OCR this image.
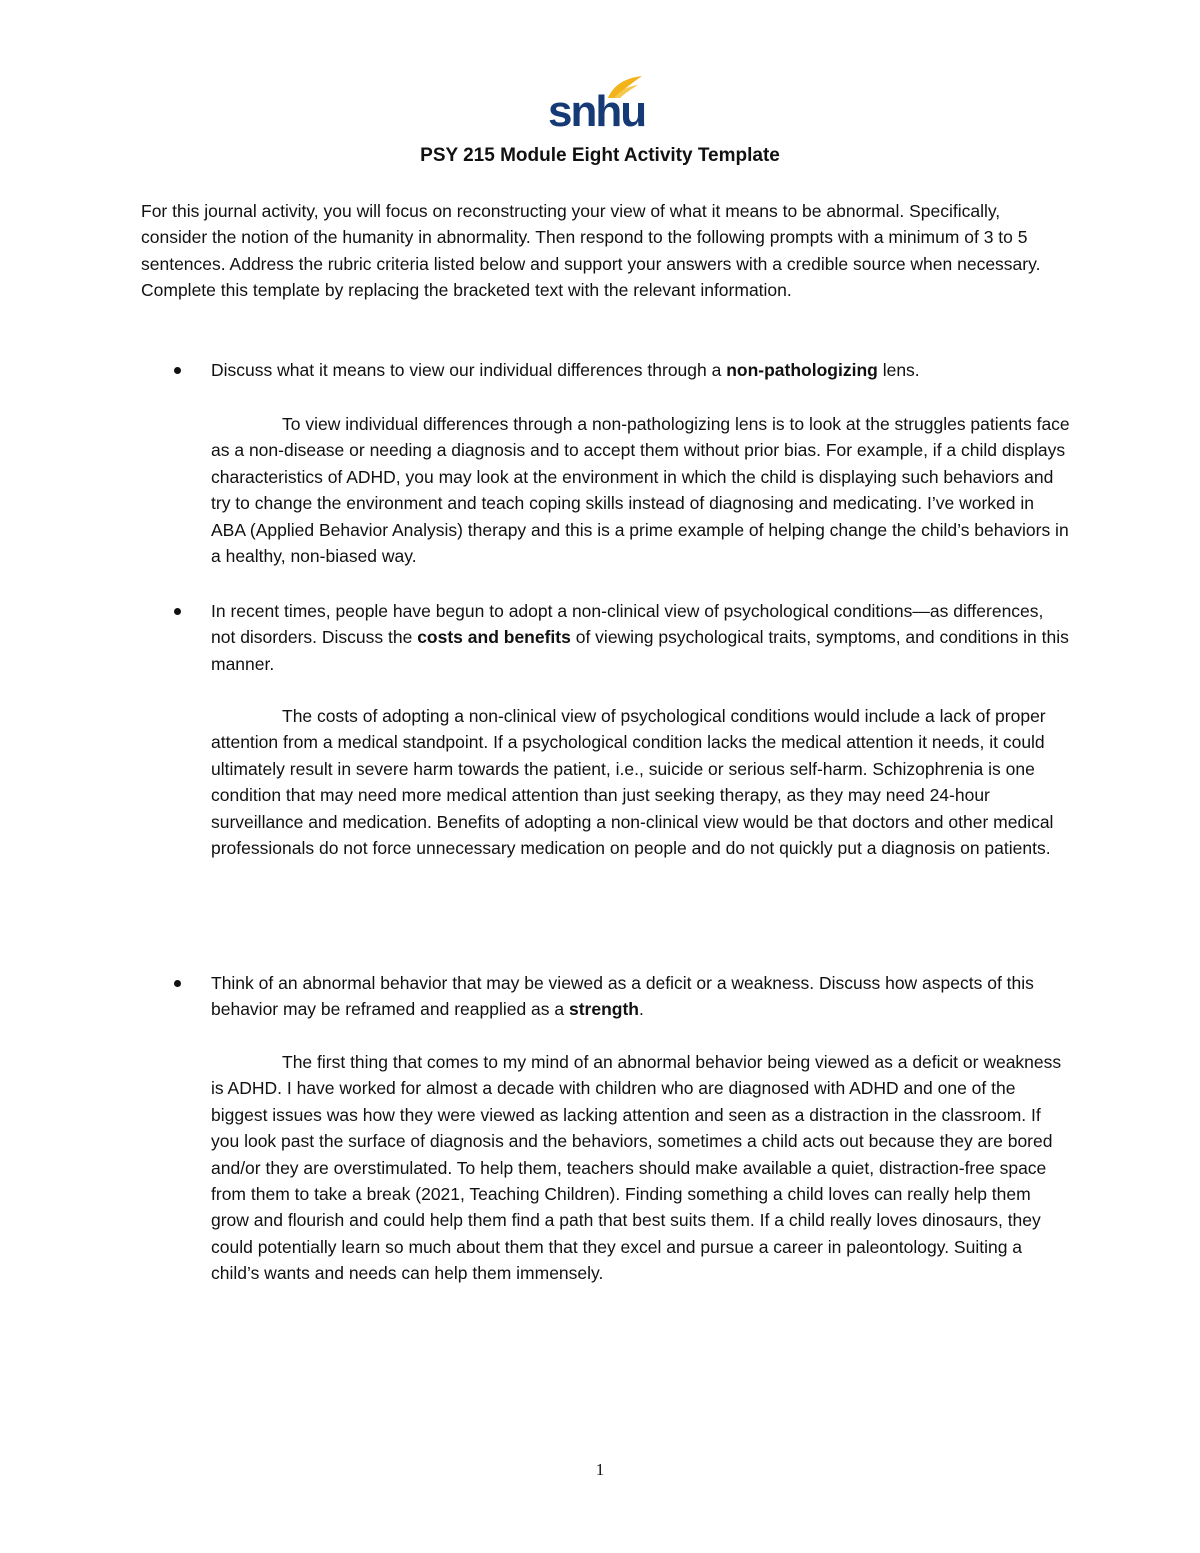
snhu
PSY 215 Module Eight Activity Template

For this journal activity, you will focus on reconstructing your view of what it means to be abnormal. Specifically, consider the notion of the humanity in abnormality. Then respond to the following prompts with a minimum of 3 to 5 sentences. Address the rubric criteria listed below and support your answers with a credible source when necessary. Complete this template by replacing the bracketed text with the relevant information.

Discuss what it means to view our individual differences through a non-pathologizing lens.

To view individual differences through a non-pathologizing lens is to look at the struggles patients face as a non-disease or needing a diagnosis and to accept them without prior bias. For example, if a child displays characteristics of ADHD, you may look at the environment in which the child is displaying such behaviors and try to change the environment and teach coping skills instead of diagnosing and medicating. I’ve worked in ABA (Applied Behavior Analysis) therapy and this is a prime example of helping change the child’s behaviors in a healthy, non-biased way.

In recent times, people have begun to adopt a non-clinical view of psychological conditions—as differences, not disorders. Discuss the costs and benefits of viewing psychological traits, symptoms, and conditions in this manner.

The costs of adopting a non-clinical view of psychological conditions would include a lack of proper attention from a medical standpoint. If a psychological condition lacks the medical attention it needs, it could ultimately result in severe harm towards the patient, i.e., suicide or serious self-harm. Schizophrenia is one condition that may need more medical attention than just seeking therapy, as they may need 24-hour surveillance and medication. Benefits of adopting a non-clinical view would be that doctors and other medical professionals do not force unnecessary medication on people and do not quickly put a diagnosis on patients.

Think of an abnormal behavior that may be viewed as a deficit or a weakness. Discuss how aspects of this behavior may be reframed and reapplied as a strength.

The first thing that comes to my mind of an abnormal behavior being viewed as a deficit or weakness is ADHD. I have worked for almost a decade with children who are diagnosed with ADHD and one of the biggest issues was how they were viewed as lacking attention and seen as a distraction in the classroom. If you look past the surface of diagnosis and the behaviors, sometimes a child acts out because they are bored and/or they are overstimulated. To help them, teachers should make available a quiet, distraction-free space from them to take a break (2021, Teaching Children). Finding something a child loves can really help them grow and flourish and could help them find a path that best suits them. If a child really loves dinosaurs, they could potentially learn so much about them that they excel and pursue a career in paleontology. Suiting a child’s wants and needs can help them immensely.

1
